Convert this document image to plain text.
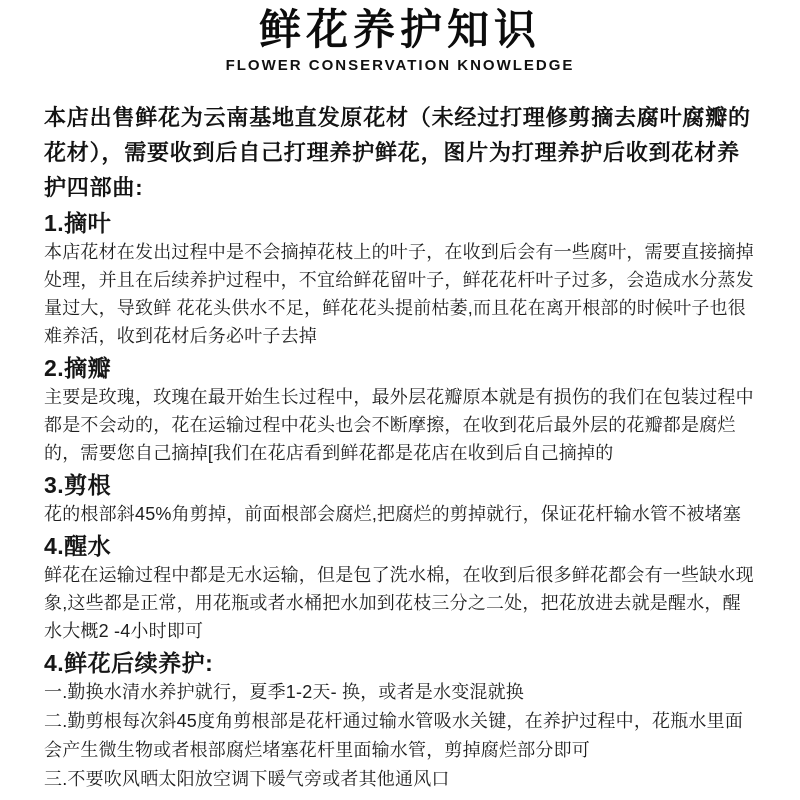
鲜花养护知识
FLOWER CONSERVATION KNOWLEDGE
本店出售鲜花为云南基地直发原花材（未经过打理修剪摘去腐叶腐瓣的花材），需要收到后自己打理养护鲜花，图片为打理养护后收到花材养护四部曲:
1.摘叶
本店花材在发出过程中是不会摘掉花枝上的叶子，在收到后会有一些腐叶，需要直接摘掉处理，并且在后续养护过程中，不宜给鲜花留叶子，鲜花花杆叶子过多，会造成水分蒸发量过大，导致鲜 花花头供水不足，鲜花花头提前枯萎,而且花在离开根部的时候叶子也很难养活，收到花材后务必叶子去掉
2.摘瓣
主要是玫瑰，玫瑰在最开始生长过程中，最外层花瓣原本就是有损伤的我们在包装过程中都是不会动的，花在运输过程中花头也会不断摩擦，在收到花后最外层的花瓣都是腐烂的，需要您自己摘掉[我们在花店看到鲜花都是花店在收到后自己摘掉的
3.剪根
花的根部斜45%角剪掉，前面根部会腐烂,把腐烂的剪掉就行，保证花杆输水管不被堵塞
4.醒水
鲜花在运输过程中都是无水运输，但是包了洗水棉，在收到后很多鲜花都会有一些缺水现象,这些都是正常，用花瓶或者水桶把水加到花枝三分之二处，把花放进去就是醒水，醒水大概2 -4小时即可
4.鲜花后续养护:
一.勤换水清水养护就行，夏季1-2天- 换，或者是水变混就换
二.勤剪根每次斜45度角剪根部是花杆通过输水管吸水关键，在养护过程中，花瓶水里面会产生微生物或者根部腐烂堵塞花杆里面输水管，剪掉腐烂部分即可
三.不要吹风晒太阳放空调下暖气旁或者其他通风口
